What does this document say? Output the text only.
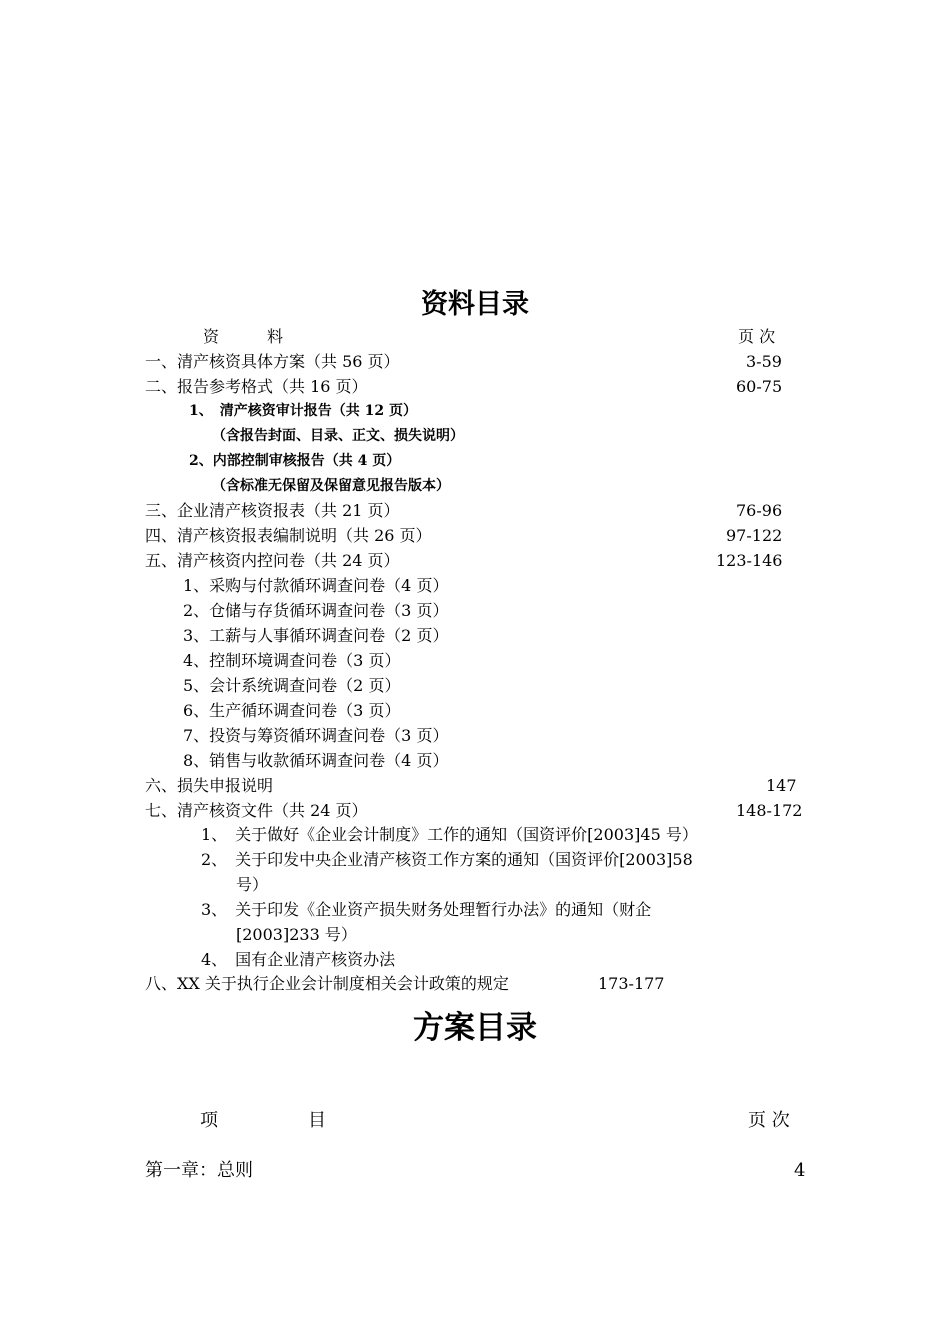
资料目录
资　　　料	页 次
一、清产核资具体方案（共 56 页）	3-59
二、报告参考格式（共 16 页）	60-75
1、　清产核资审计报告（共 12 页）
（含报告封面、目录、正文、损失说明）
2、内部控制审核报告（共 4 页）
（含标准无保留及保留意见报告版本）
三、企业清产核资报表（共 21 页）	76-96
四、清产核资报表编制说明（共 26 页）	97-122
五、清产核资内控问卷（共 24 页）	123-146
1、采购与付款循环调查问卷（4 页）
2、仓储与存货循环调查问卷（3 页）
3、工薪与人事循环调查问卷（2 页）
4、控制环境调查问卷（3 页）
5、会计系统调查问卷（2 页）
6、生产循环调查问卷（3 页）
7、投资与筹资循环调查问卷（3 页）
8、销售与收款循环调查问卷（4 页）
六、损失申报说明	147
七、清产核资文件（共 24 页）	148-172
1、　关于做好《企业会计制度》工作的通知（国资评价[2003]45 号）
2、　关于印发中央企业清产核资工作方案的通知（国资评价[2003]58
号）
3、　关于印发《企业资产损失财务处理暂行办法》的通知（财企
[2003]233 号）
4、　国有企业清产核资办法
八、XX 关于执行企业会计制度相关会计政策的规定	173-177
方案目录
项　　　　　目	页 次
第一章：总则	4
